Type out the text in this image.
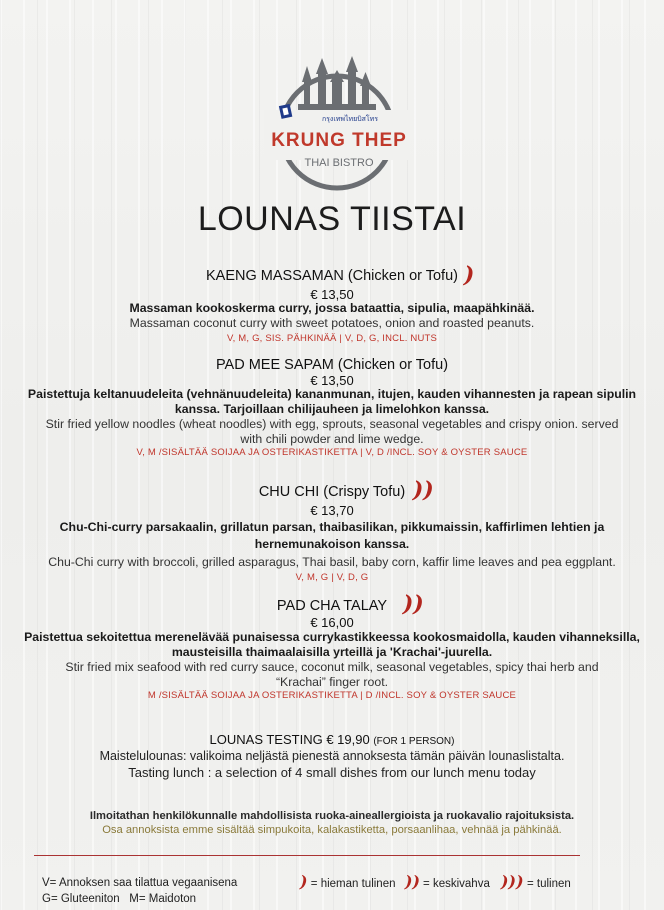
กรุงเทพไทยบิสโทร
KRUNG THEP
THAI BISTRO
LOUNAS TIISTAI
KAENG MASSAMAN (Chicken or Tofu) )
€ 13,50
Massaman kookoskerma curry, jossa bataattia, sipulia, maapähkinää.
Massaman coconut curry with sweet potatoes, onion and roasted peanuts.
V, M, G, SIS. PÄHKINÄÄ | V, D, G, INCL. NUTS
PAD MEE SAPAM (Chicken or Tofu)
€ 13,50
Paistettuja keltanuudeleita (vehnänuudeleita) kananmunan, itujen, kauden vihannesten ja rapean sipulin
kanssa. Tarjoillaan chilijauheen ja limelohkon kanssa.
Stir fried yellow noodles (wheat noodles) with egg, sprouts, seasonal vegetables and crispy onion. served
with chili powder and lime wedge.
V, M /SISÄLTÄÄ SOIJAA JA OSTERIKASTIKETTA | V, D /INCL. SOY & OYSTER SAUCE
CHU CHI (Crispy Tofu) ))
€ 13,70
Chu-Chi-curry parsakaalin, grillatun parsan, thaibasilikan, pikkumaissin, kaffirlimen lehtien ja
hernemunakoison kanssa.
Chu-Chi curry with broccoli, grilled asparagus, Thai basil, baby corn, kaffir lime leaves and pea eggplant.
V, M, G | V, D, G
PAD CHA TALAY ))
€ 16,00
Paistettua sekoitettua merenelävää punaisessa currykastikkeessa kookosmaidolla, kauden vihanneksilla,
mausteisilla thaimaalaisilla yrteillä ja 'Krachai'-juurella.
Stir fried mix seafood with red curry sauce, coconut milk, seasonal vegetables, spicy thai herb and
“Krachai” finger root.
M /SISÄLTÄÄ SOIJAA JA OSTERIKASTIKETTA | D /INCL. SOY & OYSTER SAUCE
LOUNAS TESTING € 19,90 (FOR 1 PERSON)
Maistelulounas: valikoima neljästä pienestä annoksesta tämän päivän lounaslistalta.
Tasting lunch : a selection of 4 small dishes from our lunch menu today
Ilmoitathan henkilökunnalle mahdollisista ruoka-aineallergioista ja ruokavalio rajoituksista.
Osa annoksista emme sisältää simpukoita, kalakastiketta, porsaanlihaa, vehnää ja pähkinää.
V= Annoksen saa tilattua vegaanisena
G= Gluteeniton M= Maidoton
) = hieman tulinen )) = keskivahva ))) = tulinen
